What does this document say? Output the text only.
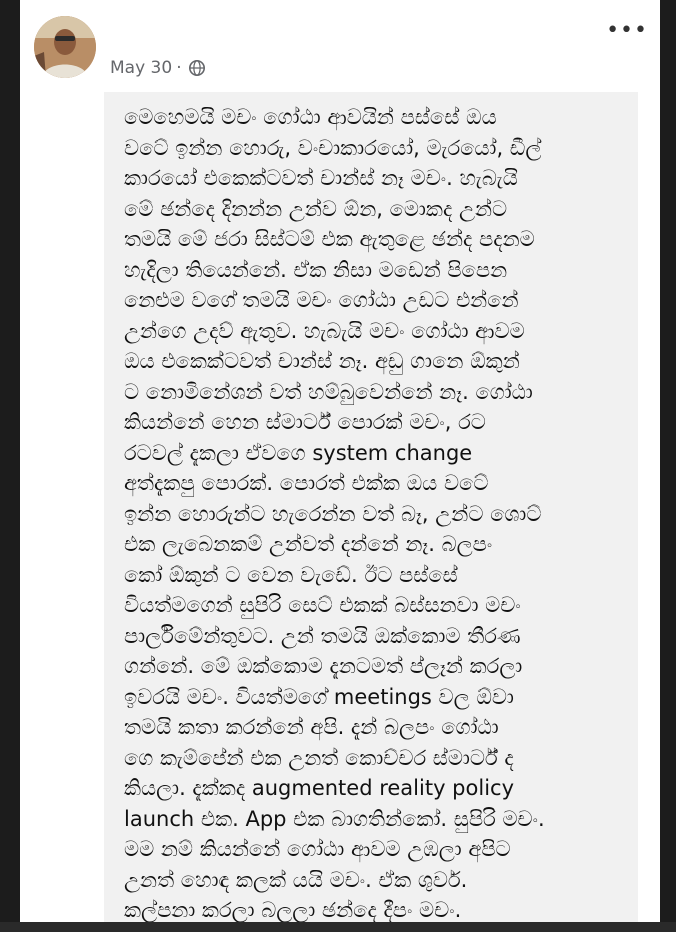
May 30 ·
•••

මෙහෙමයි මචං ගෝඨා ආවයින් පස්සේ ඔය
වටේ ඉන්න හොරු, වංචාකාරයෝ, මැරයෝ, ඩීල්
කාරයෝ එකෙක්ටවත් චාන්ස් නෑ මචං. හැබැයි
මේ ඡන්දෙ දිනන්න උන්ව ඕන, මොකද උන්ට
තමයි මේ ජරා සිස්ටම් එක ඇතුළෙ ඡන්ද පදනම
හැදිලා තියෙන්නේ. ඒක නිසා මඩෙන් පිපෙන
නෙළුම වගේ තමයි මචං ගෝඨා උඩට එන්නේ
උන්ගෙ උදව් ඇතුව. හැබැයි මචං ගෝඨා ආවම
ඔය එකෙක්ටවත් චාන්ස් නෑ. අඩු ගානෙ ඕකුන්
ට නොමිනේශන් වත් හම්බුවෙන්නේ නෑ. ගෝඨා
කියන්නේ හෙන ස්මාර්ට් පොරක් මචං, රට
රටවල් දැකලා ඒවගෙ system change
අත්දැකපු පොරක්. පොරත් එක්ක ඔය වටේ
ඉන්න හොරුන්ට හැරෙන්න වත් බෑ, උන්ට ශොට්
එක ලැබෙනකම් උන්වත් දන්නේ නෑ. බලපං
කෝ ඕකුන් ට වෙන වැඩේ. ඊට පස්සේ
වියත්මගෙන් සුපිරි සෙට් එකක් බස්සනවා මචං
පාර්ලිමේන්තුවට. උන් තමයි ඔක්කොම තීරණ
ගන්නේ. මේ ඔක්කොම දැනටමත් ප්ලෑන් කරලා
ඉවරයි මචං. වියත්මගේ meetings වල ඕවා
තමයි කතා කරන්නේ අපි. දැන් බලපං ගෝඨා
ගෙ කැම්පේන් එක උනත් කොච්චර ස්මාර්ට් ද
කියලා. දැක්කද augmented reality policy
launch එක. App එක බාගතින්කෝ. සුපිරි මචං.
මම නම් කියන්නේ ගෝඨා ආවම උඹලා අපිට
උනත් හොඳ කලක් යයි මචං. ඒක ශුවර්.
කල්පනා කරලා බලලා ඡන්දෙ දීපං මචං.
